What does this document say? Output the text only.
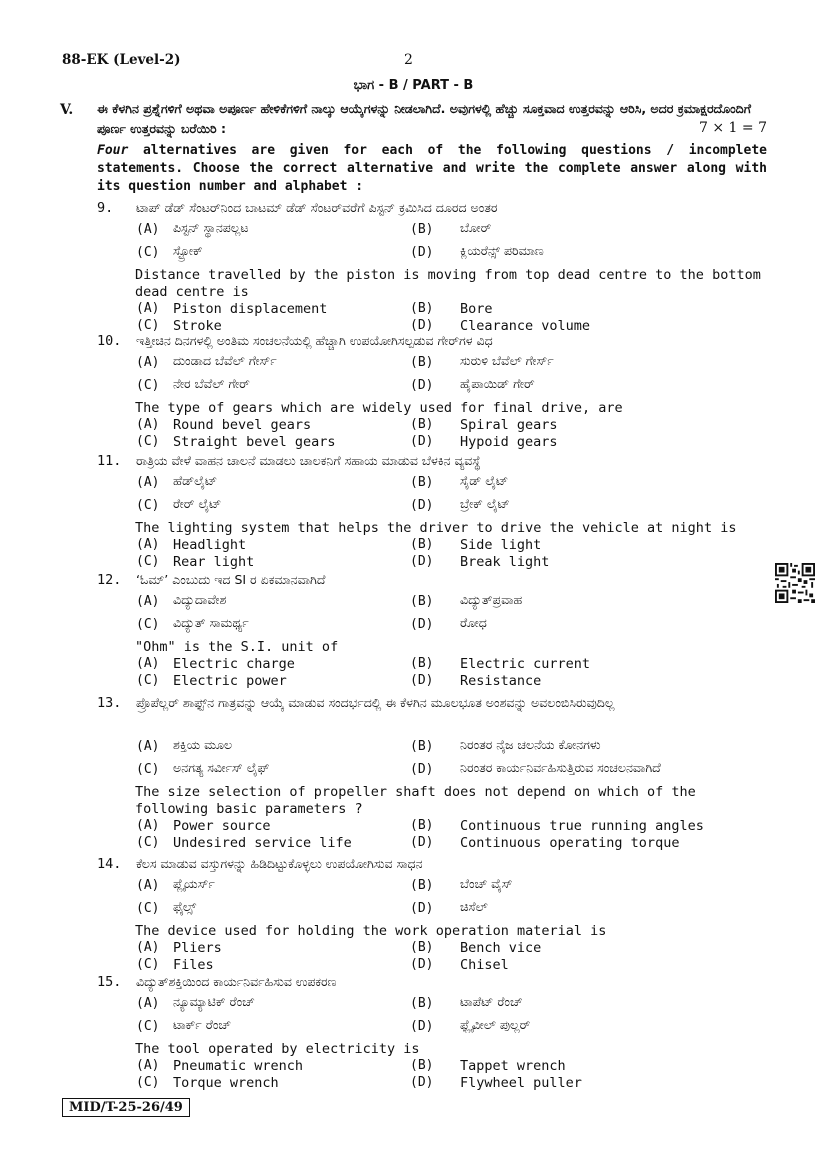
88-EK (Level-2)	2
ಭಾಗ - B / PART - B
V. ಈ ಕೆಳಗಿನ ಪ್ರಶ್ನೆಗಳಿಗೆ ಅಥವಾ ಅಪೂರ್ಣ ಹೇಳಿಕೆಗಳಿಗೆ ನಾಲ್ಕು ಆಯ್ಕೆಗಳನ್ನು ನೀಡಲಾಗಿದೆ. ಅವುಗಳಲ್ಲಿ ಹೆಚ್ಚು ಸೂಕ್ತವಾದ ಉತ್ತರವನ್ನು ಆರಿಸಿ, ಅದರ ಕ್ರಮಾಕ್ಷರದೊಂದಿಗೆ ಪೂರ್ಣ ಉತ್ತರವನ್ನು ಬರೆಯಿರಿ :	7 × 1 = 7
Four alternatives are given for each of the following questions / incomplete statements. Choose the correct alternative and write the complete answer along with its question number and alphabet :
9. ಟಾಪ್ ಡೆಡ್ ಸೆಂಟರ್‌ನಿಂದ ಬಾಟಮ್ ಡೆಡ್ ಸೆಂಟರ್‌ವರೆಗೆ ಪಿಸ್ಟನ್ ಕ್ರಮಿಸಿದ ದೂರದ ಅಂತರ
(A) ಪಿಸ್ಟನ್ ಸ್ಥಾನಪಲ್ಲಟ	(B) ಬೋರ್
(C) ಸ್ಟ್ರೋಕ್	(D) ಕ್ಲಿಯರೆನ್ಸ್ ಪರಿಮಾಣ
Distance travelled by the piston is moving from top dead centre to the bottom dead centre is
(A) Piston displacement	(B) Bore
(C) Stroke	(D) Clearance volume
10. ಇತ್ತೀಚಿನ ದಿನಗಳಲ್ಲಿ ಅಂತಿಮ ಸಂಚಲನೆಯಲ್ಲಿ ಹೆಚ್ಚಾಗಿ ಉಪಯೋಗಿಸಲ್ಪಡುವ ಗೇರ್‌ಗಳ ವಿಧ
(A) ದುಂಡಾದ ಬೆವೆಲ್ ಗೇರ್ಸ್	(B) ಸುರುಳಿ ಬೆವೆಲ್ ಗೇರ್ಸ್
(C) ನೇರ ಬೆವೆಲ್ ಗೇರ್	(D) ಹೈಪಾಯಿಡ್ ಗೇರ್
The type of gears which are widely used for final drive, are
(A) Round bevel gears	(B) Spiral gears
(C) Straight bevel gears	(D) Hypoid gears
11. ರಾತ್ರಿಯ ವೇಳೆ ವಾಹನ ಚಾಲನೆ ಮಾಡಲು ಚಾಲಕನಿಗೆ ಸಹಾಯ ಮಾಡುವ ಬೆಳಕಿನ ವ್ಯವಸ್ಥೆ
(A) ಹೆಡ್‌ಲೈಟ್	(B) ಸೈಡ್ ಲೈಟ್
(C) ರೇರ್ ಲೈಟ್	(D) ಬ್ರೇಕ್ ಲೈಟ್
The lighting system that helps the driver to drive the vehicle at night is
(A) Headlight	(B) Side light
(C) Rear light	(D) Break light
12. ‘ಓಮ್’ ಎಂಬುದು ಇದ SI ರ ಏಕಮಾನವಾಗಿದೆ
(A) ವಿದ್ಯುದಾವೇಶ	(B) ವಿದ್ಯುತ್‌ಪ್ರವಾಹ
(C) ವಿದ್ಯುತ್ ಸಾಮರ್ಥ್ಯ	(D) ರೋಧ
"Ohm" is the S.I. unit of
(A) Electric charge	(B) Electric current
(C) Electric power	(D) Resistance
13. ಪ್ರೊಪೆಲ್ಲರ್ ಶಾಫ್ಟ್‌ನ ಗಾತ್ರವನ್ನು ಆಯ್ಕೆ ಮಾಡುವ ಸಂದರ್ಭದಲ್ಲಿ ಈ ಕೆಳಗಿನ ಮೂಲಭೂತ ಅಂಶವನ್ನು ಅವಲಂಬಿಸಿರುವುದಿಲ್ಲ
(A) ಶಕ್ತಿಯ ಮೂಲ	(B) ನಿರಂತರ ನೈಜ ಚಲನೆಯ ಕೋನಗಳು
(C) ಅನಗತ್ಯ ಸರ್ವೀಸ್ ಲೈಫ್	(D) ನಿರಂತರ ಕಾರ್ಯನಿರ್ವಹಿಸುತ್ತಿರುವ ಸಂಚಲನವಾಗಿದೆ
The size selection of propeller shaft does not depend on which of the following basic parameters ?
(A) Power source	(B) Continuous true running angles
(C) Undesired service life	(D) Continuous operating torque
14. ಕೆಲಸ ಮಾಡುವ ವಸ್ತುಗಳನ್ನು ಹಿಡಿದಿಟ್ಟುಕೊಳ್ಳಲು ಉಪಯೋಗಿಸುವ ಸಾಧನ
(A) ಪ್ಲೈಯರ್ಸ್	(B) ಬೆಂಚ್ ವೈಸ್
(C) ಫೈಲ್ಸ್	(D) ಚಿಸೆಲ್
The device used for holding the work operation material is
(A) Pliers	(B) Bench vice
(C) Files	(D) Chisel
15. ವಿದ್ಯುತ್‌ಶಕ್ತಿಯಿಂದ ಕಾರ್ಯನಿರ್ವಹಿಸುವ ಉಪಕರಣ
(A) ನ್ಯೂಮ್ಯಾಟಿಕ್ ರೆಂಚ್	(B) ಟಾಪೆಟ್ ರೆಂಚ್
(C) ಟಾರ್ಕ್ ರೆಂಚ್	(D) ಫ್ಲೈವೀಲ್ ಪುಲ್ಲರ್
The tool operated by electricity is
(A) Pneumatic wrench	(B) Tappet wrench
(C) Torque wrench	(D) Flywheel puller
MID/T-25-26/49
